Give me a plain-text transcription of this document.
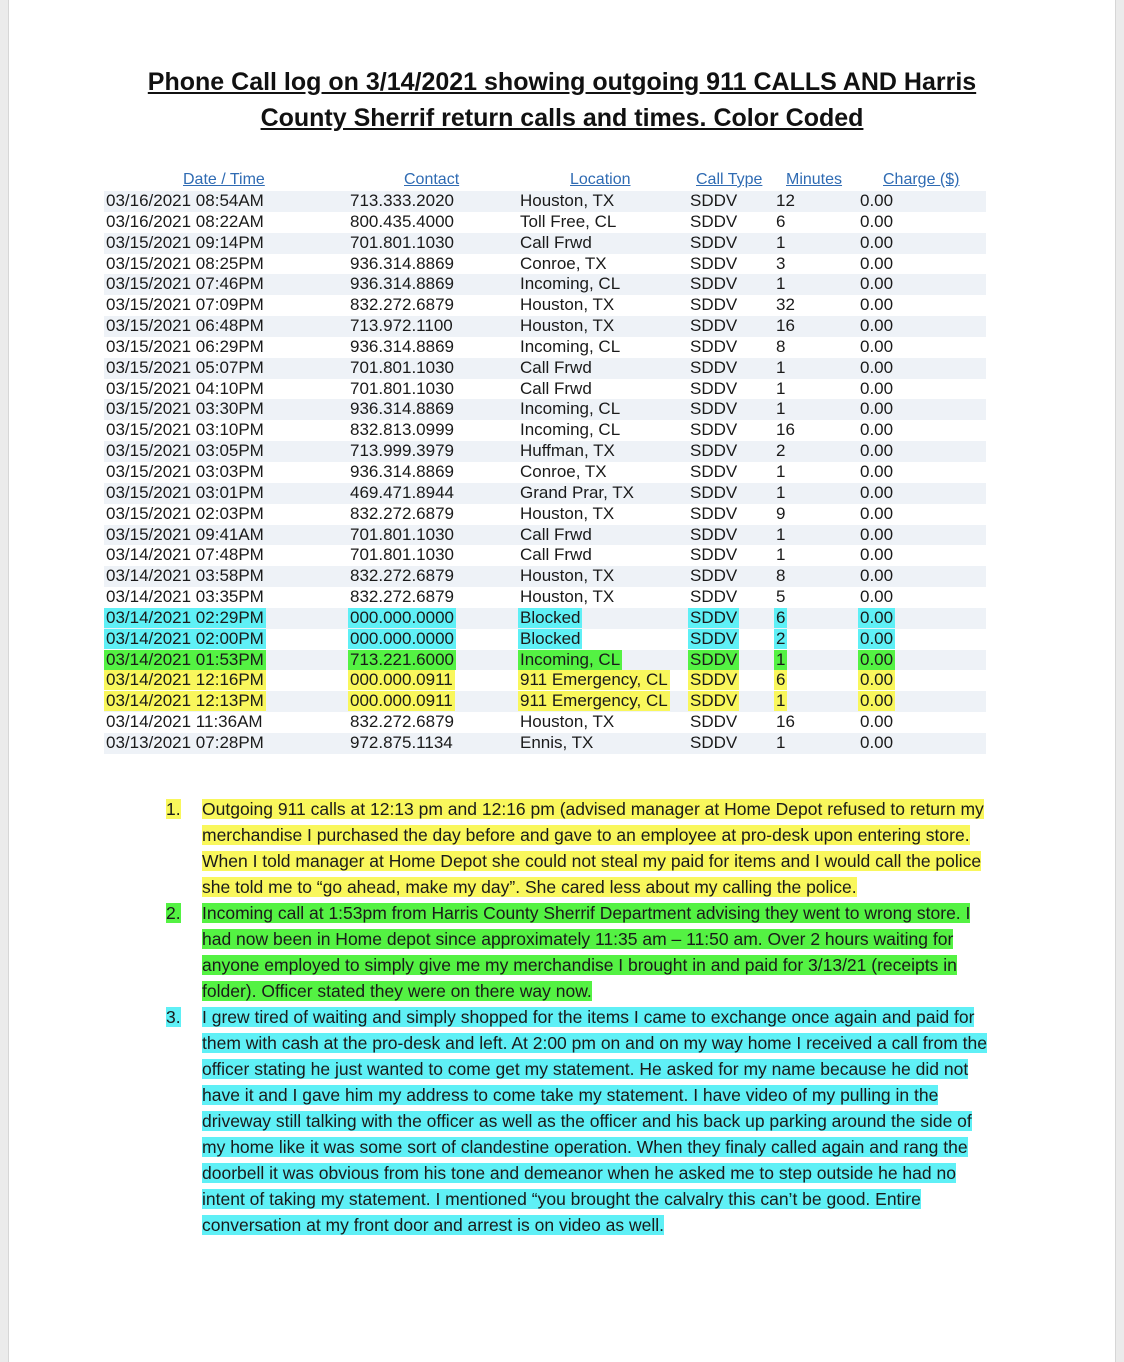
Phone Call log on 3/14/2021 showing outgoing 911 CALLS AND Harris
County Sherrif return calls and times. Color Coded
Date / Time	Contact	Location	Call Type Minutes	Charge ($)
03/16/2021 08:54AM	713.333.2020	Houston, TX	SDDV 12	0.00
03/16/2021 08:22AM	800.435.4000	Toll Free, CL	SDDV 6	0.00
03/15/2021 09:14PM	701.801.1030	Call Frwd	SDDV 1	0.00
03/15/2021 08:25PM	936.314.8869	Conroe, TX	SDDV 3	0.00
03/15/2021 07:46PM	936.314.8869	Incoming, CL	SDDV 1	0.00
03/15/2021 07:09PM	832.272.6879	Houston, TX	SDDV 32	0.00
03/15/2021 06:48PM	713.972.1100	Houston, TX	SDDV 16	0.00
03/15/2021 06:29PM	936.314.8869	Incoming, CL	SDDV 8	0.00
03/15/2021 05:07PM	701.801.1030	Call Frwd	SDDV 1	0.00
03/15/2021 04:10PM	701.801.1030	Call Frwd	SDDV 1	0.00
03/15/2021 03:30PM	936.314.8869	Incoming, CL	SDDV 1	0.00
03/15/2021 03:10PM	832.813.0999	Incoming, CL	SDDV 16	0.00
03/15/2021 03:05PM	713.999.3979	Huffman, TX	SDDV 2	0.00
03/15/2021 03:03PM	936.314.8869	Conroe, TX	SDDV 1	0.00
03/15/2021 03:01PM	469.471.8944	Grand Prar, TX	SDDV 1	0.00
03/15/2021 02:03PM	832.272.6879	Houston, TX	SDDV 9	0.00
03/15/2021 09:41AM	701.801.1030	Call Frwd	SDDV 1	0.00
03/14/2021 07:48PM	701.801.1030	Call Frwd	SDDV 1	0.00
03/14/2021 03:58PM	832.272.6879	Houston, TX	SDDV 8	0.00
03/14/2021 03:35PM	832.272.6879	Houston, TX	SDDV 5	0.00
03/14/2021 02:29PM	000.000.0000	Blocked	SDDV 6	0.00
03/14/2021 02:00PM	000.000.0000	Blocked	SDDV 2	0.00
03/14/2021 01:53PM	713.221.6000	Incoming, CL	SDDV 1	0.00
03/14/2021 12:16PM	000.000.0911	911 Emergency, CL SDDV 6	0.00
03/14/2021 12:13PM	000.000.0911	911 Emergency, CL SDDV 1	0.00
03/14/2021 11:36AM	832.272.6879	Houston, TX	SDDV 16	0.00
03/13/2021 07:28PM	972.875.1134	Ennis, TX	SDDV 1	0.00
1.	Outgoing 911 calls at 12:13 pm and 12:16 pm (advised manager at Home Depot refused to return my merchandise I purchased the day before and gave to an employee at pro-desk upon entering store. When I told manager at Home Depot she could not steal my paid for items and I would call the police she told me to “go ahead, make my day”. She cared less about my calling the police.
2.	Incoming call at 1:53pm from Harris County Sherrif Department advising they went to wrong store. I had now been in Home depot since approximately 11:35 am – 11:50 am. Over 2 hours waiting for anyone employed to simply give me my merchandise I brought in and paid for 3/13/21 (receipts in folder). Officer stated they were on there way now.
3.	I grew tired of waiting and simply shopped for the items I came to exchange once again and paid for them with cash at the pro-desk and left. At 2:00 pm on and on my way home I received a call from the officer stating he just wanted to come get my statement. He asked for my name because he did not have it and I gave him my address to come take my statement. I have video of my pulling in the driveway still talking with the officer as well as the officer and his back up parking around the side of my home like it was some sort of clandestine operation. When they finaly called again and rang the doorbell it was obvious from his tone and demeanor when he asked me to step outside he had no intent of taking my statement. I mentioned “you brought the calvalry this can’t be good. Entire conversation at my front door and arrest is on video as well.
